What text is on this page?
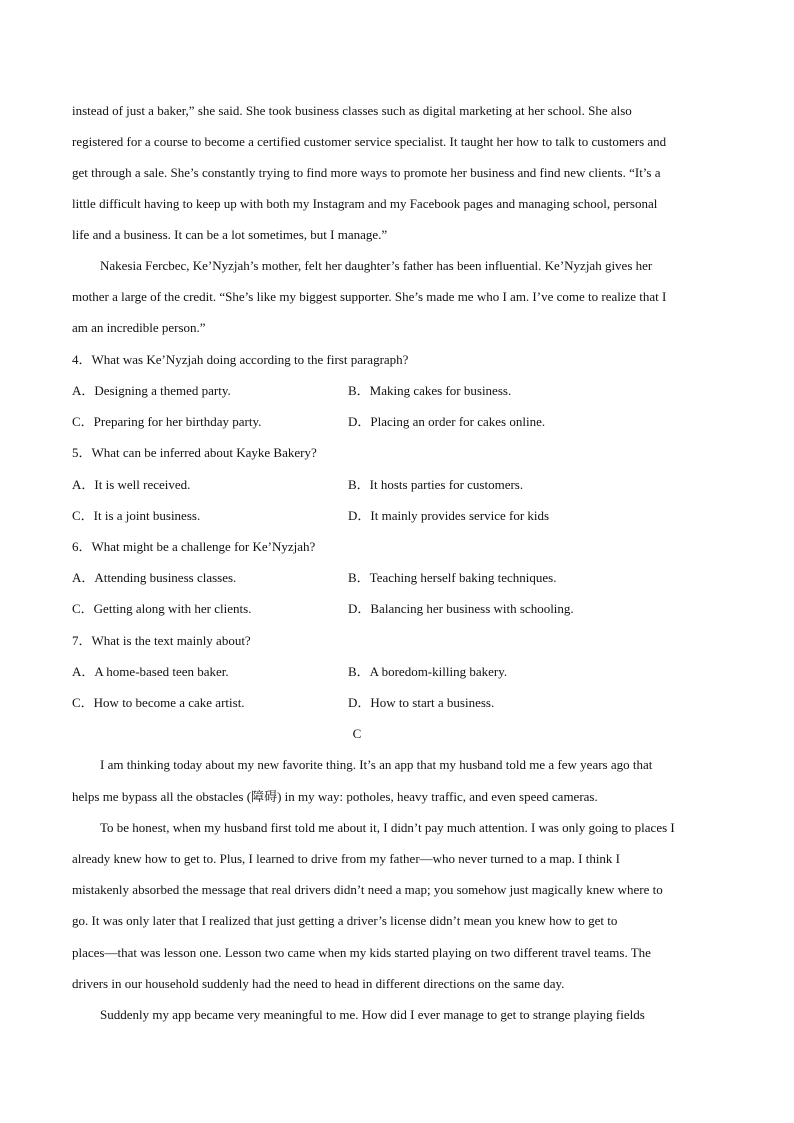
instead of just a baker,” she said. She took business classes such as digital marketing at her school. She also
registered for a course to become a certified customer service specialist. It taught her how to talk to customers and
get through a sale. She’s constantly trying to find more ways to promote her business and find new clients. “It’s a
little difficult having to keep up with both my Instagram and my Facebook pages and managing school, personal
life and a business. It can be a lot sometimes, but I manage.”
Nakesia Fercbec, Ke’Nyzjah’s mother, felt her daughter’s father has been influential. Ke’Nyzjah gives her
mother a large of the credit. “She’s like my biggest supporter. She’s made me who I am. I’ve come to realize that I
am an incredible person.”
4．What was Ke’Nyzjah doing according to the first paragraph?
A．Designing a themed party.	B．Making cakes for business.
C．Preparing for her birthday party.	D．Placing an order for cakes online.
5．What can be inferred about Kayke Bakery?
A．It is well received.	B．It hosts parties for customers.
C．It is a joint business.	D．It mainly provides service for kids
6．What might be a challenge for Ke’Nyzjah?
A．Attending business classes.	B．Teaching herself baking techniques.
C．Getting along with her clients.	D．Balancing her business with schooling.
7．What is the text mainly about?
A．A home-based teen baker.	B．A boredom-killing bakery.
C．How to become a cake artist.	D．How to start a business.
C
I am thinking today about my new favorite thing. It’s an app that my husband told me a few years ago that
helps me bypass all the obstacles (障碍) in my way: potholes, heavy traffic, and even speed cameras.
To be honest, when my husband first told me about it, I didn’t pay much attention. I was only going to places I
already knew how to get to. Plus, I learned to drive from my father—who never turned to a map. I think I
mistakenly absorbed the message that real drivers didn’t need a map; you somehow just magically knew where to
go. It was only later that I realized that just getting a driver’s license didn’t mean you knew how to get to
places—that was lesson one. Lesson two came when my kids started playing on two different travel teams. The
drivers in our household suddenly had the need to head in different directions on the same day.
Suddenly my app became very meaningful to me. How did I ever manage to get to strange playing fields
